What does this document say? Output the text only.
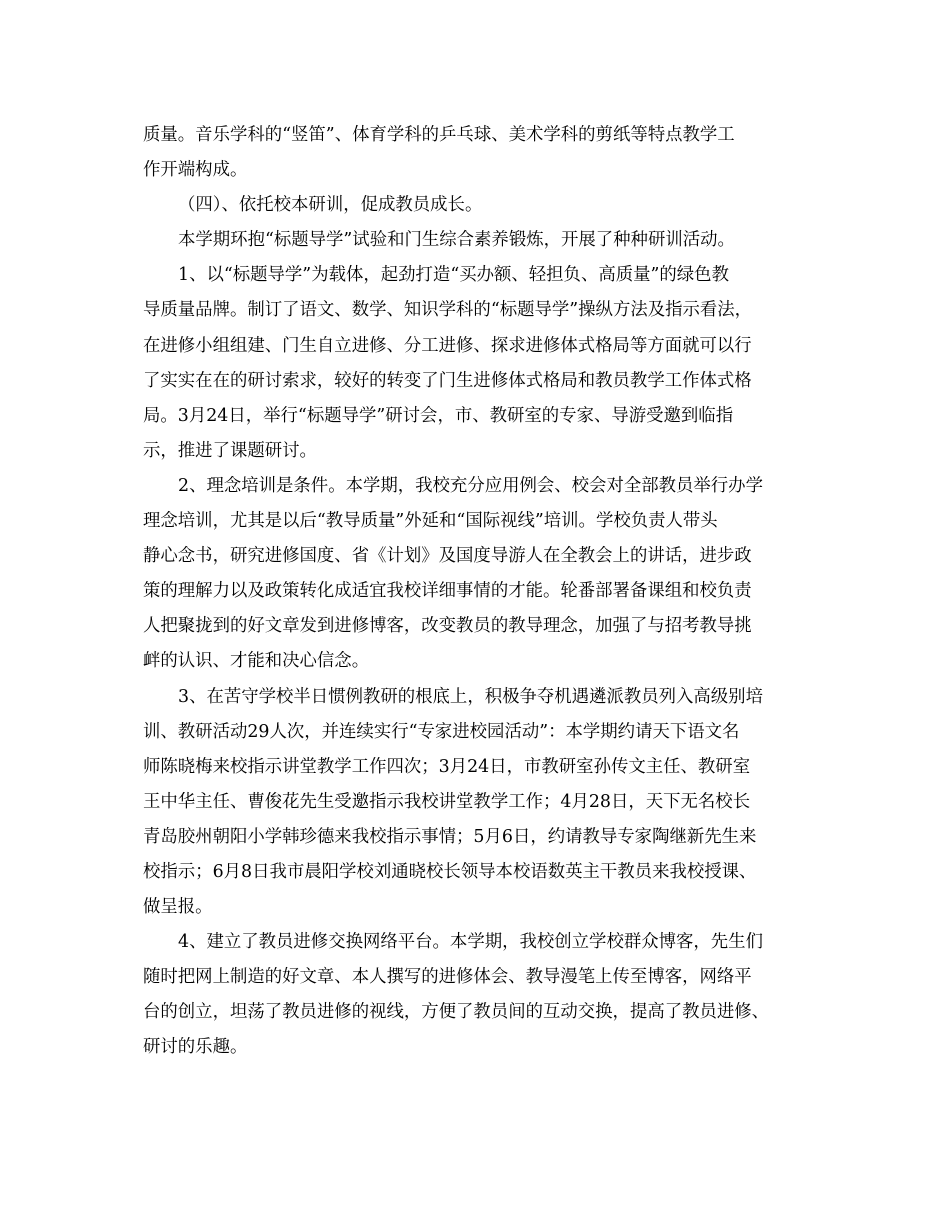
质量。音乐学科的“竖笛”、体育学科的乒乓球、美术学科的剪纸等特点教学工
作开端构成。
（四）、依托校本研训，促成教员成长。
本学期环抱“标题导学”试验和门生综合素养锻炼，开展了种种研训活动。
1、以“标题导学”为载体，起劲打造“买办额、轻担负、高质量”的绿色教
导质量品牌。制订了语文、数学、知识学科的“标题导学”操纵方法及指示看法，
在进修小组组建、门生自立进修、分工进修、探求进修体式格局等方面就可以行
了实实在在的研讨索求，较好的转变了门生进修体式格局和教员教学工作体式格
局。3月24日，举行“标题导学”研讨会，市、教研室的专家、导游受邀到临指
示，推进了课题研讨。
2、理念培训是条件。本学期，我校充分应用例会、校会对全部教员举行办学
理念培训，尤其是以后“教导质量”外延和“国际视线”培训。学校负责人带头
静心念书，研究进修国度、省《计划》及国度导游人在全教会上的讲话，进步政
策的理解力以及政策转化成适宜我校详细事情的才能。轮番部署备课组和校负责
人把聚拢到的好文章发到进修博客，改变教员的教导理念，加强了与招考教导挑
衅的认识、才能和决心信念。
3、在苦守学校半日惯例教研的根底上，积极争夺机遇遴派教员列入高级别培
训、教研活动29人次，并连续实行“专家进校园活动”：本学期约请天下语文名
师陈晓梅来校指示讲堂教学工作四次；3月24日，市教研室孙传文主任、教研室
王中华主任、曹俊花先生受邀指示我校讲堂教学工作；4月28日，天下无名校长
青岛胶州朝阳小学韩珍德来我校指示事情；5月6日，约请教导专家陶继新先生来
校指示；6月8日我市晨阳学校刘通晓校长领导本校语数英主干教员来我校授课、
做呈报。
4、建立了教员进修交换网络平台。本学期，我校创立学校群众博客，先生们
随时把网上制造的好文章、本人撰写的进修体会、教导漫笔上传至博客，网络平
台的创立，坦荡了教员进修的视线，方便了教员间的互动交换，提高了教员进修、
研讨的乐趣。
